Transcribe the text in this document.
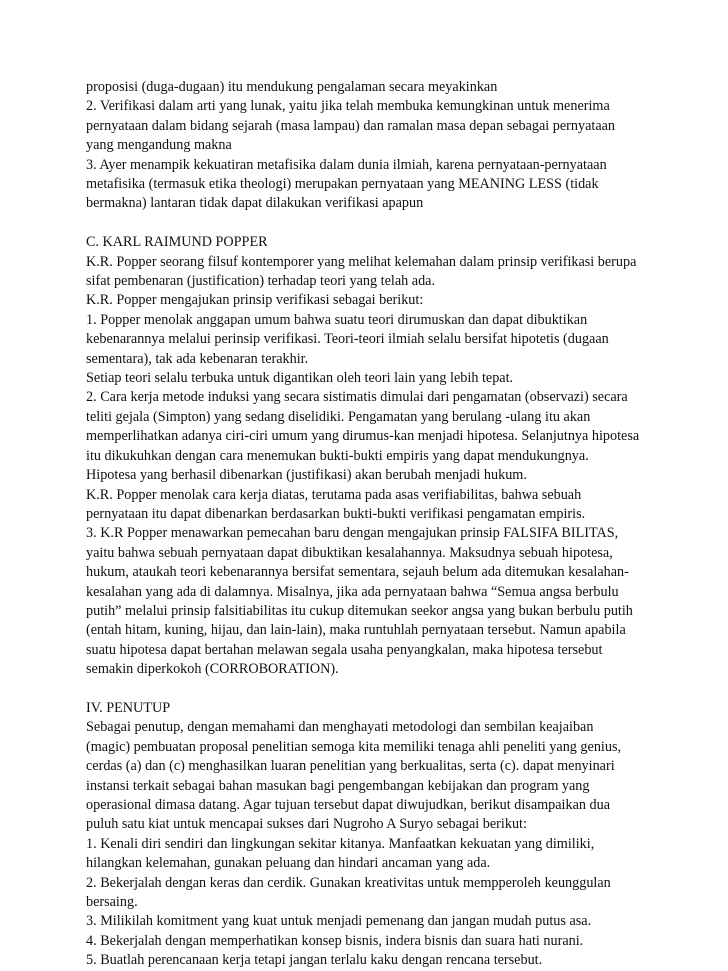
proposisi (duga-dugaan) itu mendukung pengalaman secara meyakinkan
2. Verifikasi dalam arti yang lunak, yaitu jika telah membuka kemungkinan untuk menerima
pernyataan dalam bidang sejarah (masa lampau) dan ramalan masa depan sebagai pernyataan
yang mengandung makna
3. Ayer menampik kekuatiran metafisika dalam dunia ilmiah, karena pernyataan-pernyataan
metafisika (termasuk etika theologi) merupakan pernyataan yang MEANING LESS (tidak
bermakna) lantaran tidak dapat dilakukan verifikasi apapun
C. KARL RAIMUND POPPER
K.R. Popper seorang filsuf kontemporer yang melihat kelemahan dalam prinsip verifikasi berupa
sifat pembenaran (justification) terhadap teori yang telah ada.
K.R. Popper mengajukan prinsip verifikasi sebagai berikut:
1. Popper menolak anggapan umum bahwa suatu teori dirumuskan dan dapat dibuktikan
kebenarannya melalui perinsip verifikasi. Teori-teori ilmiah selalu bersifat hipotetis (dugaan
sementara), tak ada kebenaran terakhir.
Setiap teori selalu terbuka untuk digantikan oleh teori lain yang lebih tepat.
2. Cara kerja metode induksi yang secara sistimatis dimulai dari pengamatan (observazi) secara
teliti gejala (Simpton) yang sedang diselidiki. Pengamatan yang berulang -ulang itu akan
memperlihatkan adanya ciri-ciri umum yang dirumus-kan menjadi hipotesa. Selanjutnya hipotesa
itu dikukuhkan dengan cara menemukan bukti-bukti empiris yang dapat mendukungnya.
Hipotesa yang berhasil dibenarkan (justifikasi) akan berubah menjadi hukum.
K.R. Popper menolak cara kerja diatas, terutama pada asas verifiabilitas, bahwa sebuah
pernyataan itu dapat dibenarkan berdasarkan bukti-bukti verifikasi pengamatan empiris.
3. K.R Popper menawarkan pemecahan baru dengan mengajukan prinsip FALSIFA BILITAS,
yaitu bahwa sebuah pernyataan dapat dibuktikan kesalahannya. Maksudnya sebuah hipotesa,
hukum, ataukah teori kebenarannya bersifat sementara, sejauh belum ada ditemukan kesalahan-
kesalahan yang ada di dalamnya. Misalnya, jika ada pernyataan bahwa “Semua angsa berbulu
putih” melalui prinsip falsitiabilitas itu cukup ditemukan seekor angsa yang bukan berbulu putih
(entah hitam, kuning, hijau, dan lain-lain), maka runtuhlah pernyataan tersebut. Namun apabila
suatu hipotesa dapat bertahan melawan segala usaha penyangkalan, maka hipotesa tersebut
semakin diperkokoh (CORROBORATION).
IV. PENUTUP
Sebagai penutup, dengan memahami dan menghayati metodologi dan sembilan keajaiban
(magic) pembuatan proposal penelitian semoga kita memiliki tenaga ahli peneliti yang genius,
cerdas (a) dan (c) menghasilkan luaran penelitian yang berkualitas, serta (c). dapat menyinari
instansi terkait sebagai bahan masukan bagi pengembangan kebijakan dan program yang
operasional dimasa datang. Agar tujuan tersebut dapat diwujudkan, berikut disampaikan dua
puluh satu kiat untuk mencapai sukses dari Nugroho A Suryo sebagai berikut:
1. Kenali diri sendiri dan lingkungan sekitar kitanya. Manfaatkan kekuatan yang dimiliki,
hilangkan kelemahan, gunakan peluang dan hindari ancaman yang ada.
2. Bekerjalah dengan keras dan cerdik. Gunakan kreativitas untuk mempperoleh keunggulan
bersaing.
3. Milikilah komitment yang kuat untuk menjadi pemenang dan jangan mudah putus asa.
4. Bekerjalah dengan memperhatikan konsep bisnis, indera bisnis dan suara hati nurani.
5. Buatlah perencanaan kerja tetapi jangan terlalu kaku dengan rencana tersebut.
